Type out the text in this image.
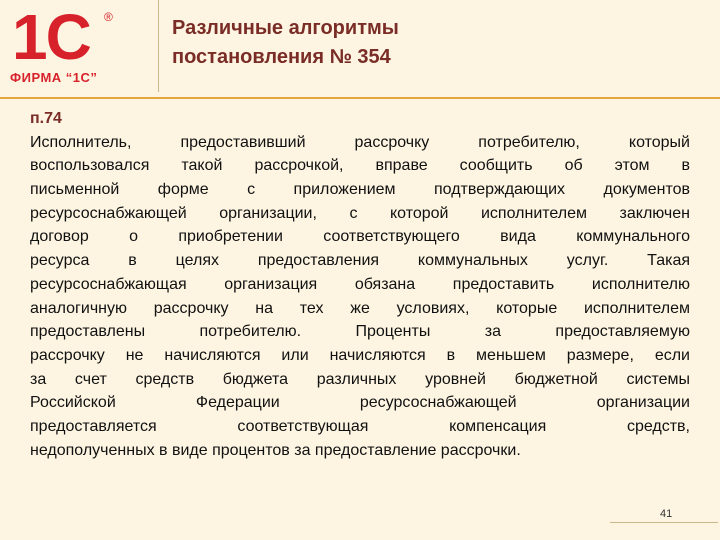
1С ®
ФИРМА “1С”
Различные алгоритмы
постановления № 354
п.74
Исполнитель, предоставивший рассрочку потребителю, который
воспользовался такой рассрочкой, вправе сообщить об этом в
письменной форме с приложением подтверждающих документов
ресурсоснабжающей организации, с которой исполнителем заключен
договор о приобретении соответствующего вида коммунального
ресурса в целях предоставления коммунальных услуг. Такая
ресурсоснабжающая организация обязана предоставить исполнителю
аналогичную рассрочку на тех же условиях, которые исполнителем
предоставлены потребителю. Проценты за предоставляемую
рассрочку не начисляются или начисляются в меньшем размере, если
за счет средств бюджета различных уровней бюджетной системы
Российской Федерации ресурсоснабжающей организации
предоставляется соответствующая компенсация средств,
недополученных в виде процентов за предоставление рассрочки.
41
